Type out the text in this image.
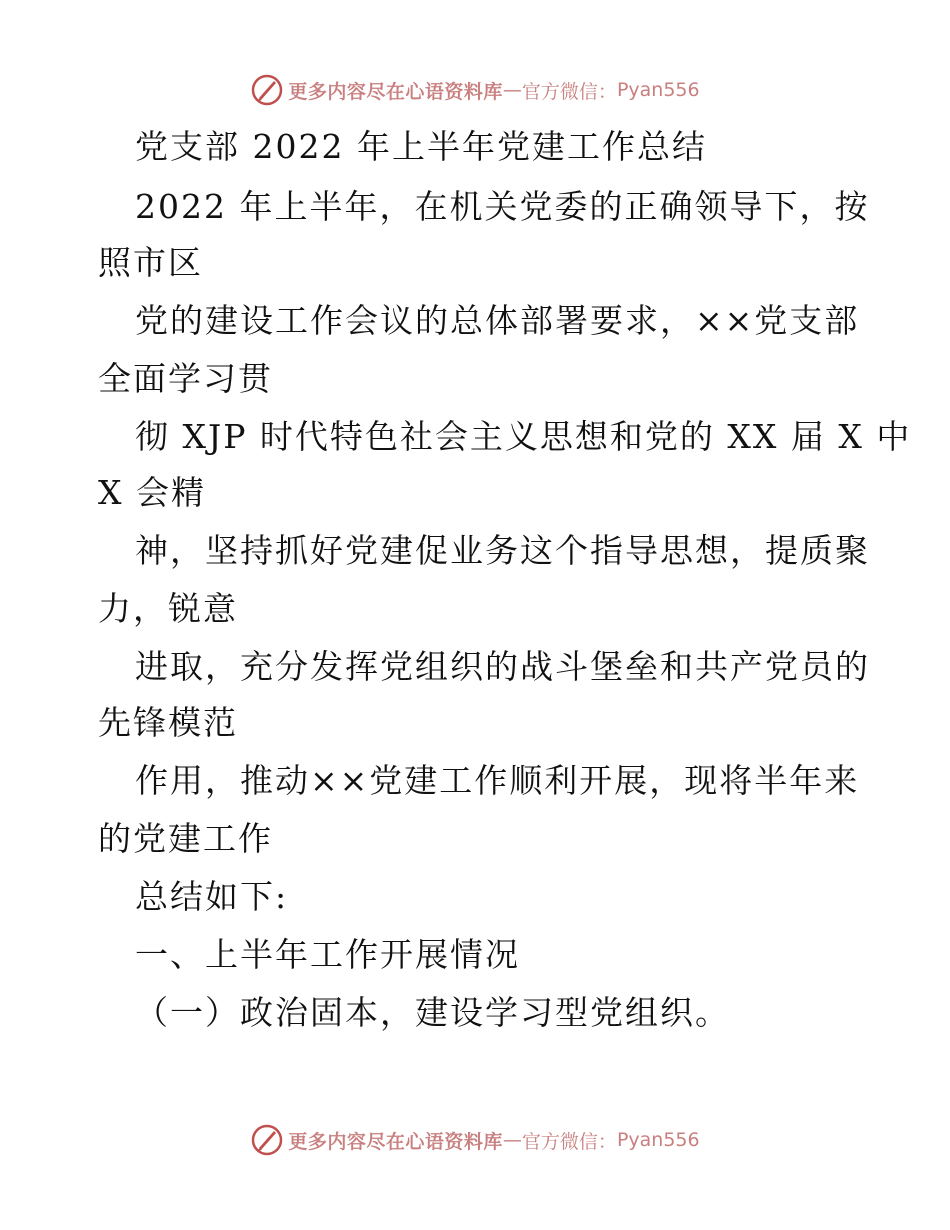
更多内容尽在心语资料库 — 官方微信： Pyan556
党支部 2022 年上半年党建工作总结
2022 年上半年，在机关党委的正确领导下，按
照市区
党的建设工作会议的总体部署要求，××党支部
全面学习贯
彻 XJP 时代特色社会主义思想和党的 XX 届 X 中
X 会精
神，坚持抓好党建促业务这个指导思想，提质聚
力，锐意
进取，充分发挥党组织的战斗堡垒和共产党员的
先锋模范
作用，推动××党建工作顺利开展，现将半年来
的党建工作
总结如下:
一、上半年工作开展情况
（一）政治固本，建设学习型党组织。
更多内容尽在心语资料库 — 官方微信： Pyan556
